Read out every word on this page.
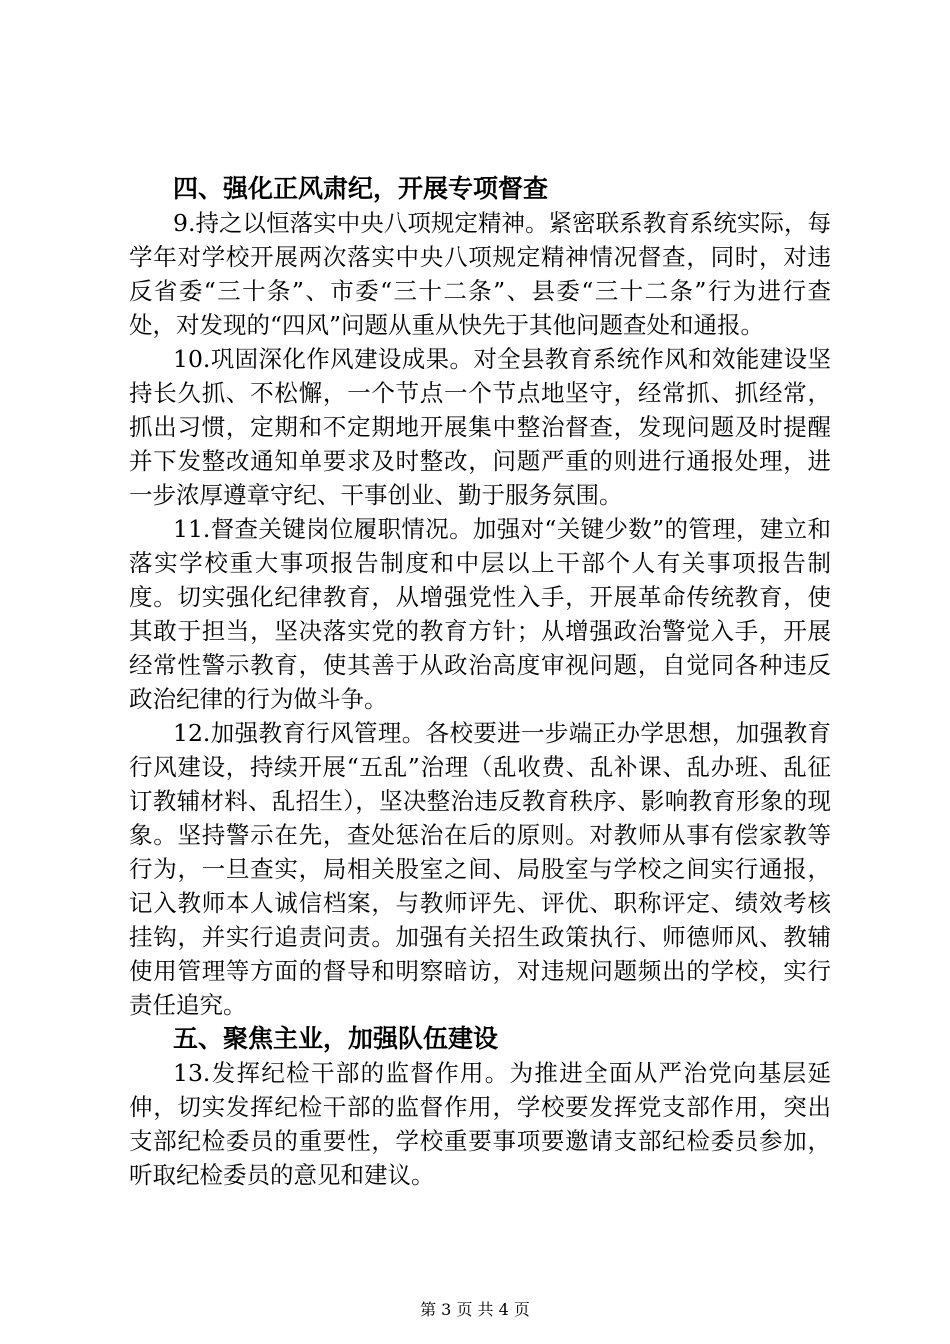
四、强化正风肃纪，开展专项督查

9.持之以恒落实中央八项规定精神。紧密联系教育系统实际，每学年对学校开展两次落实中央八项规定精神情况督查，同时，对违反省委“三十条”、市委“三十二条”、县委“三十二条”行为进行查处，对发现的“四风”问题从重从快先于其他问题查处和通报。

10.巩固深化作风建设成果。对全县教育系统作风和效能建设坚持长久抓、不松懈，一个节点一个节点地坚守，经常抓、抓经常，抓出习惯，定期和不定期地开展集中整治督查，发现问题及时提醒并下发整改通知单要求及时整改，问题严重的则进行通报处理，进一步浓厚遵章守纪、干事创业、勤于服务氛围。

11.督查关键岗位履职情况。加强对“关键少数”的管理，建立和落实学校重大事项报告制度和中层以上干部个人有关事项报告制度。切实强化纪律教育，从增强党性入手，开展革命传统教育，使其敢于担当，坚决落实党的教育方针；从增强政治警觉入手，开展经常性警示教育，使其善于从政治高度审视问题，自觉同各种违反政治纪律的行为做斗争。

12.加强教育行风管理。各校要进一步端正办学思想，加强教育行风建设，持续开展“五乱”治理（乱收费、乱补课、乱办班、乱征订教辅材料、乱招生），坚决整治违反教育秩序、影响教育形象的现象。坚持警示在先，查处惩治在后的原则。对教师从事有偿家教等行为，一旦查实，局相关股室之间、局股室与学校之间实行通报，记入教师本人诚信档案，与教师评先、评优、职称评定、绩效考核挂钩，并实行追责问责。加强有关招生政策执行、师德师风、教辅使用管理等方面的督导和明察暗访，对违规问题频出的学校，实行责任追究。

五、聚焦主业，加强队伍建设

13.发挥纪检干部的监督作用。为推进全面从严治党向基层延伸，切实发挥纪检干部的监督作用，学校要发挥党支部作用，突出支部纪检委员的重要性，学校重要事项要邀请支部纪检委员参加，听取纪检委员的意见和建议。

第 3 页 共 4 页
